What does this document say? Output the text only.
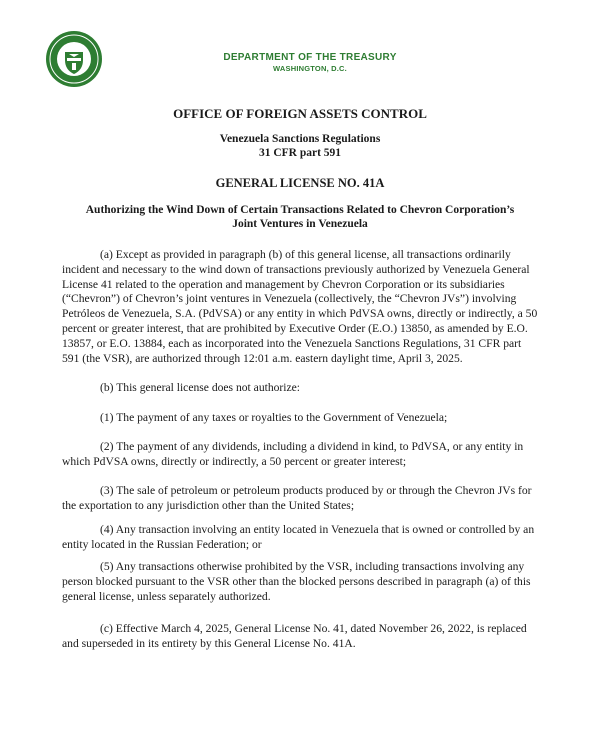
DEPARTMENT OF THE TREASURY
WASHINGTON, D.C.
OFFICE OF FOREIGN ASSETS CONTROL
Venezuela Sanctions Regulations
31 CFR part 591
GENERAL LICENSE NO. 41A
Authorizing the Wind Down of Certain Transactions Related to Chevron Corporation’s
Joint Ventures in Venezuela

(a) Except as provided in paragraph (b) of this general license, all transactions ordinarily incident and necessary to the wind down of transactions previously authorized by Venezuela General License 41 related to the operation and management by Chevron Corporation or its subsidiaries (“Chevron”) of Chevron’s joint ventures in Venezuela (collectively, the “Chevron JVs”) involving Petróleos de Venezuela, S.A. (PdVSA) or any entity in which PdVSA owns, directly or indirectly, a 50 percent or greater interest, that are prohibited by Executive Order (E.O.) 13850, as amended by E.O. 13857, or E.O. 13884, each as incorporated into the Venezuela Sanctions Regulations, 31 CFR part 591 (the VSR), are authorized through 12:01 a.m. eastern daylight time, April 3, 2025.

(b) This general license does not authorize:

(1) The payment of any taxes or royalties to the Government of Venezuela;

(2) The payment of any dividends, including a dividend in kind, to PdVSA, or any entity in which PdVSA owns, directly or indirectly, a 50 percent or greater interest;

(3) The sale of petroleum or petroleum products produced by or through the Chevron JVs for the exportation to any jurisdiction other than the United States;

(4) Any transaction involving an entity located in Venezuela that is owned or controlled by an entity located in the Russian Federation; or

(5) Any transactions otherwise prohibited by the VSR, including transactions involving any person blocked pursuant to the VSR other than the blocked persons described in paragraph (a) of this general license, unless separately authorized.

(c) Effective March 4, 2025, General License No. 41, dated November 26, 2022, is replaced and superseded in its entirety by this General License No. 41A.
